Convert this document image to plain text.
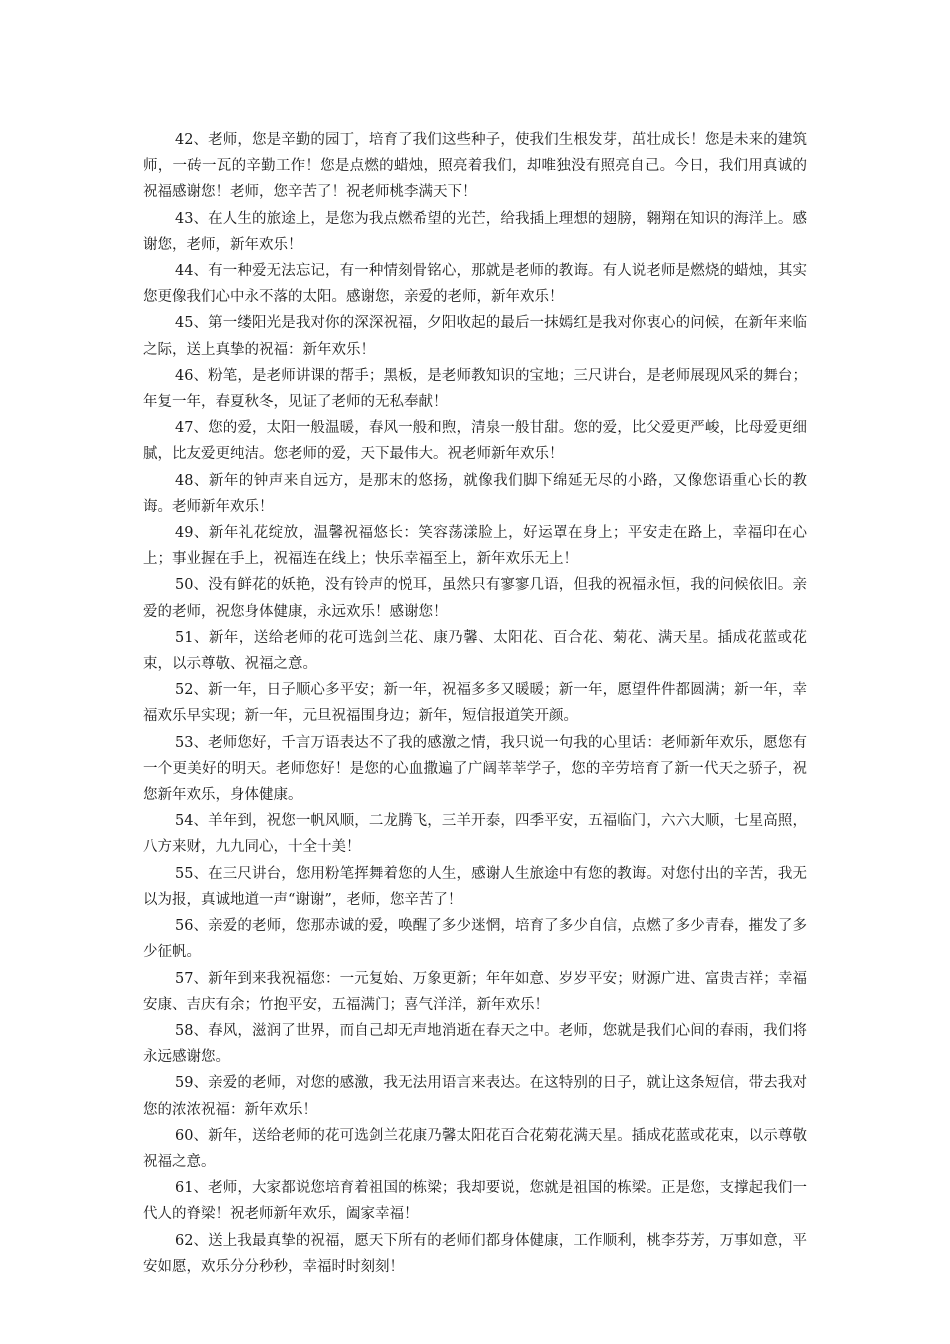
42、老师，您是辛勤的园丁，培育了我们这些种子，使我们生根发芽，茁壮成长！您是未来的建筑师，一砖一瓦的辛勤工作！您是点燃的蜡烛，照亮着我们，却唯独没有照亮自己。今日，我们用真诚的祝福感谢您！老师，您辛苦了！祝老师桃李满天下！

43、在人生的旅途上，是您为我点燃希望的光芒，给我插上理想的翅膀，翱翔在知识的海洋上。感谢您，老师，新年欢乐！

44、有一种爱无法忘记，有一种情刻骨铭心，那就是老师的教诲。有人说老师是燃烧的蜡烛，其实您更像我们心中永不落的太阳。感谢您，亲爱的老师，新年欢乐！

45、第一缕阳光是我对你的深深祝福，夕阳收起的最后一抹嫣红是我对你衷心的问候，在新年来临之际，送上真挚的祝福：新年欢乐！

46、粉笔，是老师讲课的帮手；黑板，是老师教知识的宝地；三尺讲台，是老师展现风采的舞台；年复一年，春夏秋冬，见证了老师的无私奉献！

47、您的爱，太阳一般温暖，春风一般和煦，清泉一般甘甜。您的爱，比父爱更严峻，比母爱更细腻，比友爱更纯洁。您老师的爱，天下最伟大。祝老师新年欢乐！

48、新年的钟声来自远方，是那末的悠扬，就像我们脚下绵延无尽的小路，又像您语重心长的教诲。老师新年欢乐！

49、新年礼花绽放，温馨祝福悠长：笑容荡漾脸上，好运罩在身上；平安走在路上，幸福印在心上；事业握在手上，祝福连在线上；快乐幸福至上，新年欢乐无上！

50、没有鲜花的妖艳，没有铃声的悦耳，虽然只有寥寥几语，但我的祝福永恒，我的问候依旧。亲爱的老师，祝您身体健康，永远欢乐！感谢您！

51、新年，送给老师的花可选剑兰花、康乃馨、太阳花、百合花、菊花、满天星。插成花蓝或花束，以示尊敬、祝福之意。

52、新一年，日子顺心多平安；新一年，祝福多多又暖暖；新一年，愿望件件都圆满；新一年，幸福欢乐早实现；新一年，元旦祝福围身边；新年，短信报道笑开颜。

53、老师您好，千言万语表达不了我的感激之情，我只说一句我的心里话：老师新年欢乐，愿您有一个更美好的明天。老师您好！是您的心血撒遍了广阔莘莘学子，您的辛劳培育了新一代天之骄子，祝您新年欢乐，身体健康。

54、羊年到，祝您一帆风顺，二龙腾飞，三羊开泰，四季平安，五福临门，六六大顺，七星高照，八方来财，九九同心，十全十美！

55、在三尺讲台，您用粉笔挥舞着您的人生，感谢人生旅途中有您的教诲。对您付出的辛苦，我无以为报，真诚地道一声“谢谢”，老师，您辛苦了！

56、亲爱的老师，您那赤诚的爱，唤醒了多少迷惘，培育了多少自信，点燃了多少青春，摧发了多少征帆。

57、新年到来我祝福您：一元复始、万象更新；年年如意、岁岁平安；财源广进、富贵吉祥；幸福安康、吉庆有余；竹抱平安，五福满门；喜气洋洋，新年欢乐！

58、春风，滋润了世界，而自己却无声地消逝在春天之中。老师，您就是我们心间的春雨，我们将永远感谢您。

59、亲爱的老师，对您的感激，我无法用语言来表达。在这特别的日子，就让这条短信，带去我对您的浓浓祝福：新年欢乐！

60、新年，送给老师的花可选剑兰花康乃馨太阳花百合花菊花满天星。插成花蓝或花束，以示尊敬祝福之意。

61、老师，大家都说您培育着祖国的栋梁；我却要说，您就是祖国的栋梁。正是您，支撑起我们一代人的脊梁！祝老师新年欢乐，阖家幸福！

62、送上我最真挚的祝福，愿天下所有的老师们都身体健康，工作顺利，桃李芬芳，万事如意，平安如愿，欢乐分分秒秒，幸福时时刻刻！
